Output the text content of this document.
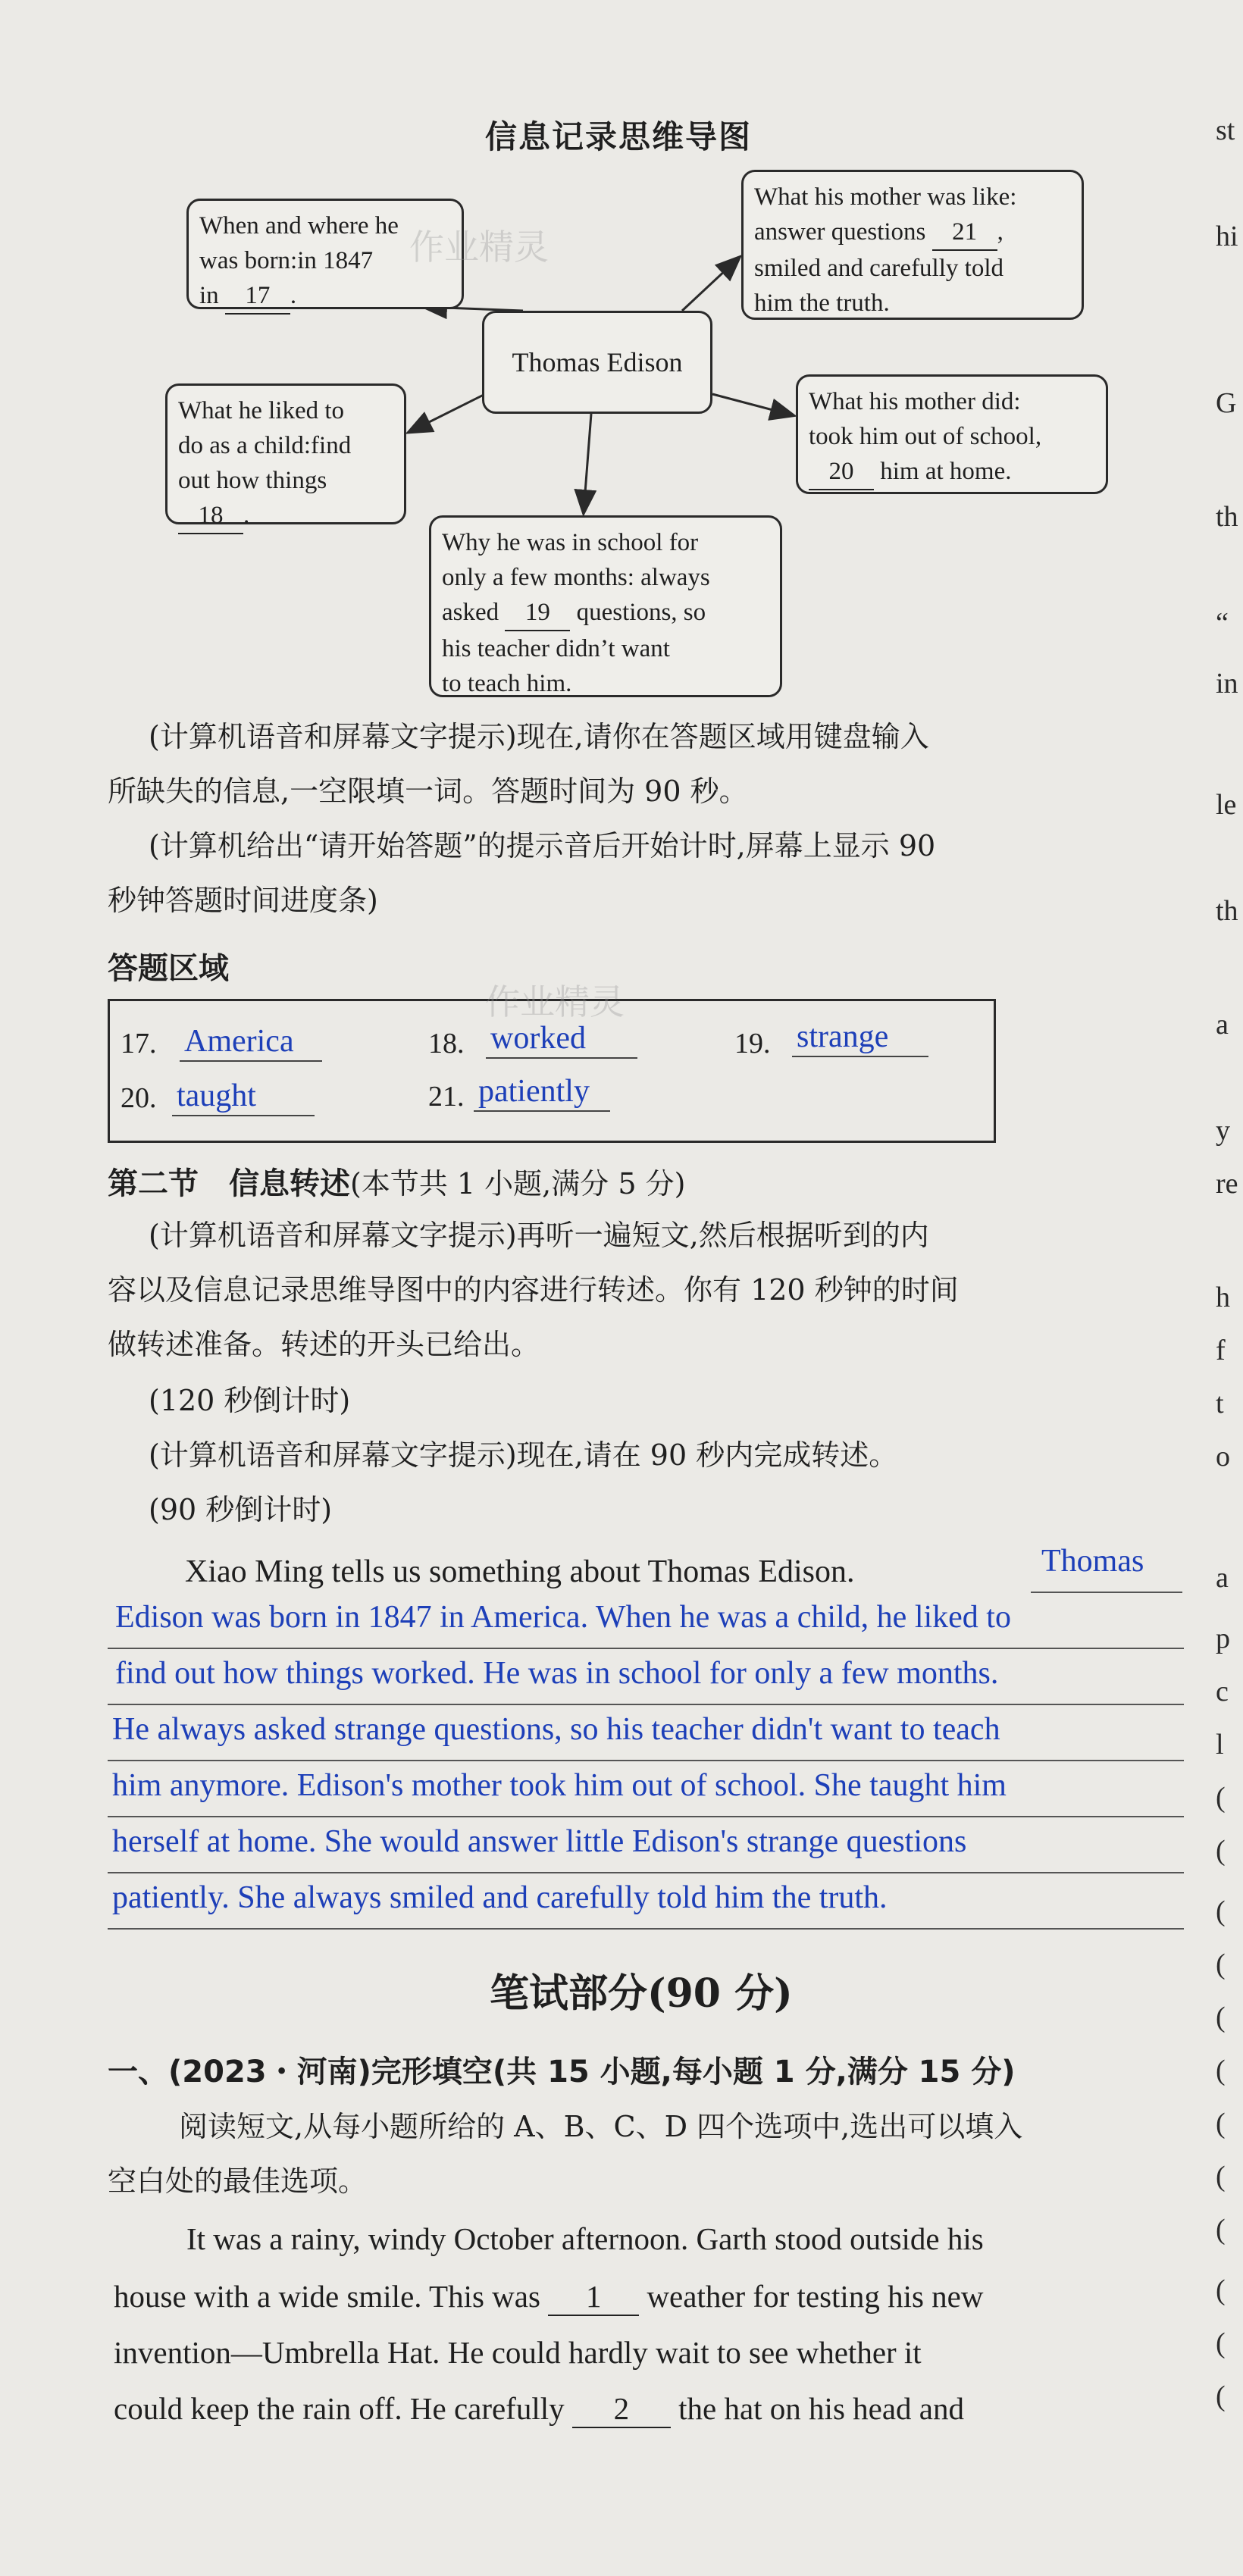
信息记录思维导图
Thomas Edison
When and where he
was born:in 1847
in 17 .
What he liked to
do as a child:find
out how things
18 .
Why he was in school for
only a few months: always
asked 19 questions, so
his teacher didn’t want
to teach him.
What his mother was like:
answer questions 21 ,
smiled and carefully told
him the truth.
What his mother did:
took him out of school,
20 him at home.
(计算机语音和屏幕文字提示)现在,请你在答题区域用键盘输入
所缺失的信息,一空限填一词。答题时间为 90 秒。
(计算机给出“请开始答题”的提示音后开始计时,屏幕上显示 90
秒钟答题时间进度条)
答题区域
17. America	18. worked	19. strange
20. taught	21. patiently
第二节　信息转述(本节共 1 小题,满分 5 分)
(计算机语音和屏幕文字提示)再听一遍短文,然后根据听到的内
容以及信息记录思维导图中的内容进行转述。你有 120 秒钟的时间
做转述准备。转述的开头已给出。
(120 秒倒计时)
(计算机语音和屏幕文字提示)现在,请在 90 秒内完成转述。
(90 秒倒计时)
Xiao Ming tells us something about Thomas Edison.	Thomas
Edison was born in 1847 in America. When he was a child, he liked to
find out how things worked. He was in school for only a few months.
He always asked strange questions, so his teacher didn't want to teach
him anymore. Edison's mother took him out of school. She taught him
herself at home. She would answer little Edison's strange questions
patiently. She always smiled and carefully told him the truth.
笔试部分(90 分)
一、(2023・河南)完形填空(共 15 小题,每小题 1 分,满分 15 分)
阅读短文,从每小题所给的 A、B、C、D 四个选项中,选出可以填入
空白处的最佳选项。
It was a rainy, windy October afternoon. Garth stood outside his
house with a wide smile. This was 1 weather for testing his new
invention—Umbrella Hat. He could hardly wait to see whether it
could keep the rain off. He carefully 2 the hat on his head and
st
hi
G
th
“
in
le
th
a
y
re
h
f
t
o
a
p
c
l
(
(
(
(
(
(
(
(
(
(
(
(
作业精灵
作业精灵
